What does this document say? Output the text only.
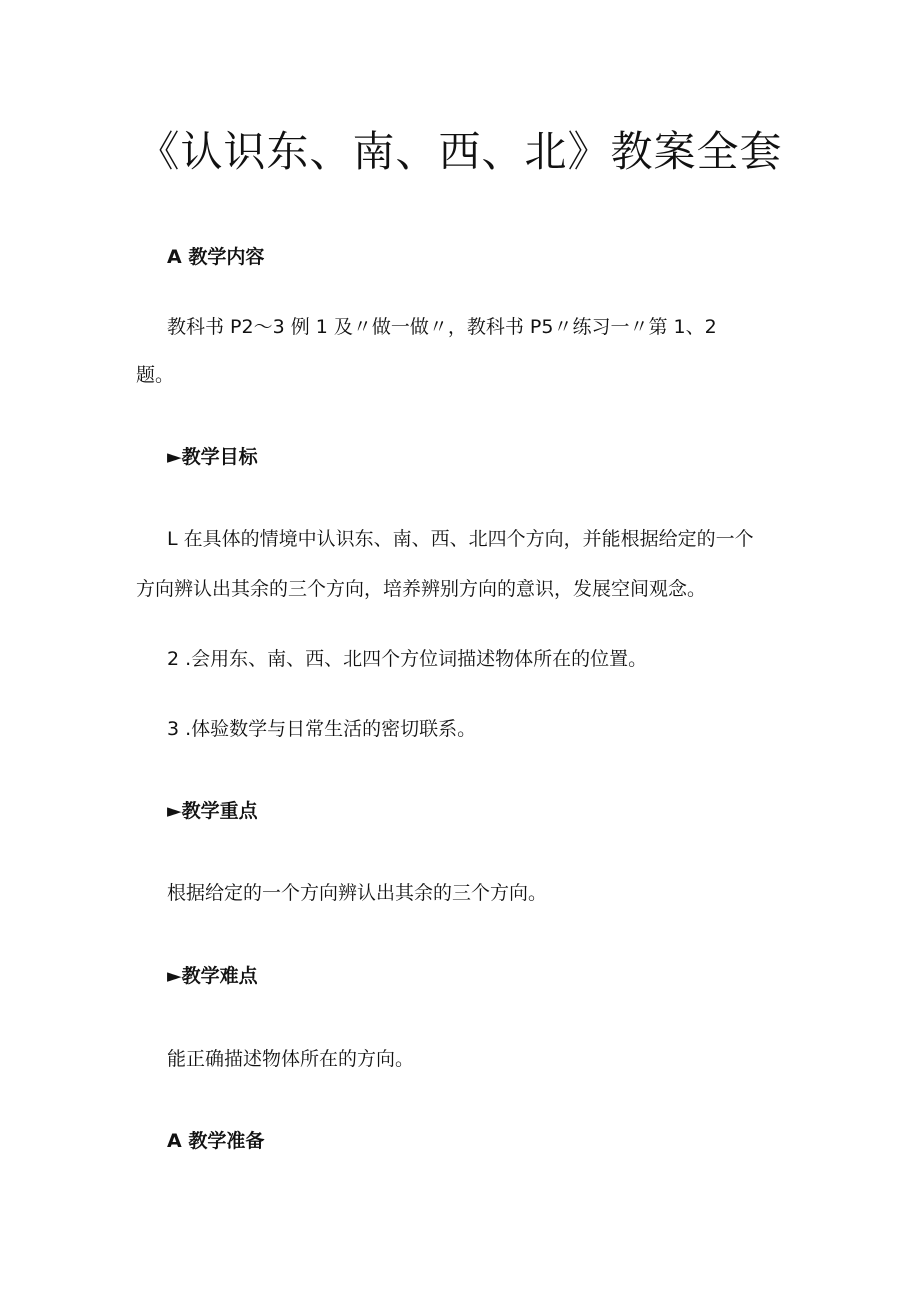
《认识东、南、西、北》教案全套
A 教学内容

教科书 P2～3 例 1 及〃做一做〃，教科书 P5〃练习一〃第 1、2

题。

►教学目标

L 在具体的情境中认识东、南、西、北四个方向，并能根据给定的一个

方向辨认出其余的三个方向，培养辨别方向的意识，发展空间观念。

2 .会用东、南、西、北四个方位词描述物体所在的位置。

3 .体验数学与日常生活的密切联系。

►教学重点

根据给定的一个方向辨认出其余的三个方向。

►教学难点

能正确描述物体所在的方向。

A 教学准备
